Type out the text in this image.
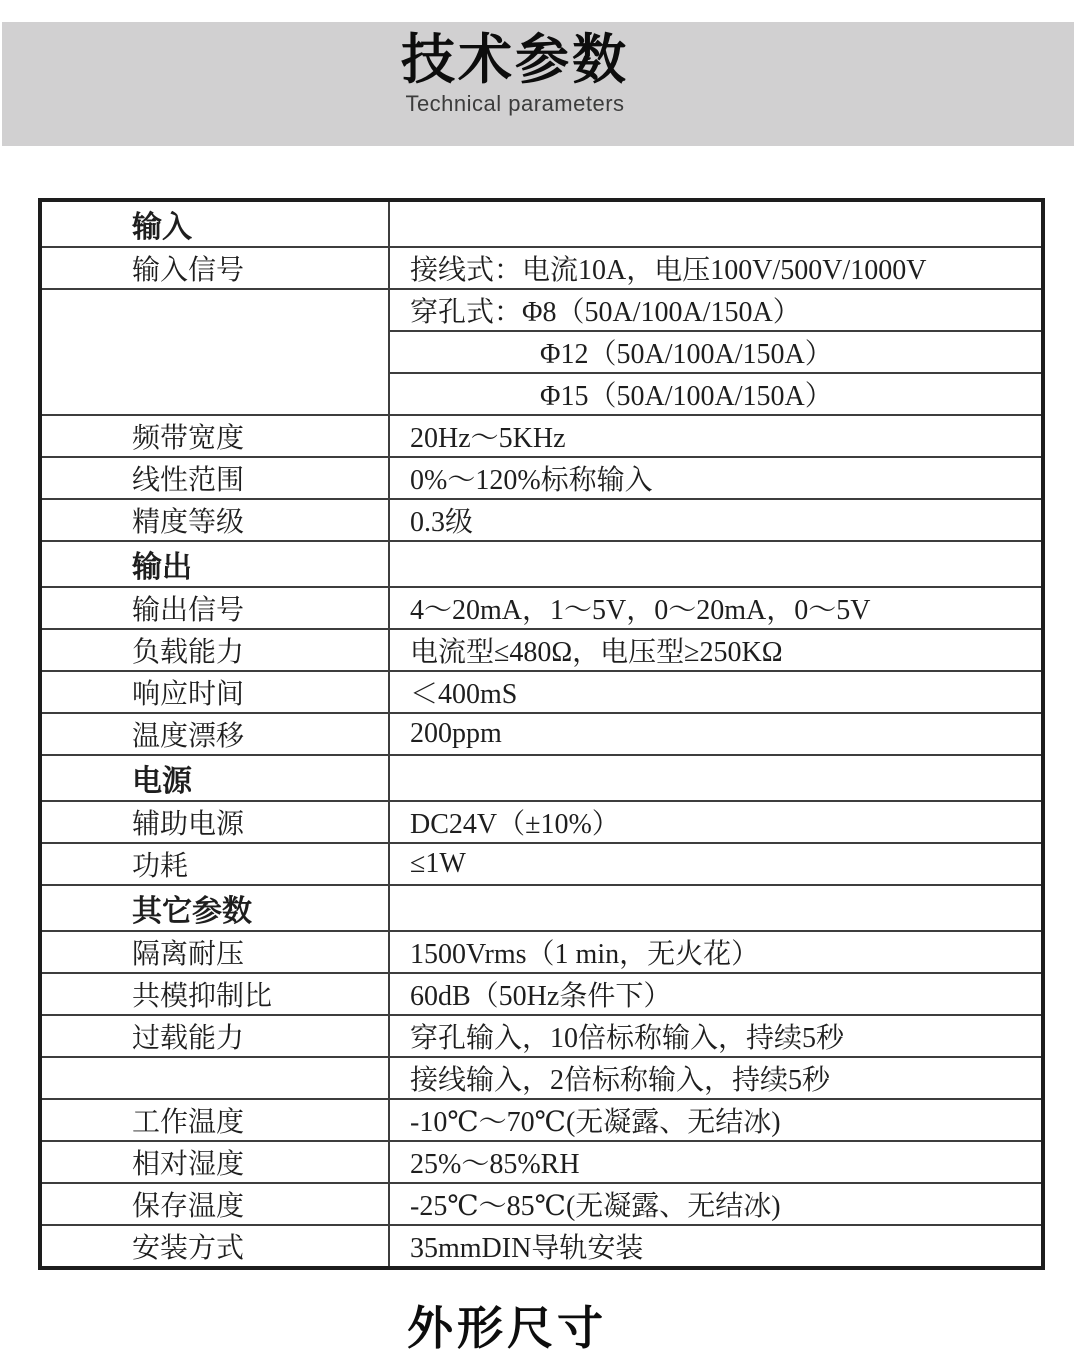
技术参数
Technical parameters
输入	
输入信号	接线式：电流10A，电压100V/500V/1000V
	穿孔式：Φ8（50A/100A/150A）
	Φ12（50A/100A/150A）
	Φ15（50A/100A/150A）
频带宽度	20Hz～5KHz
线性范围	0%～120%标称输入
精度等级	0.3级
输出	
输出信号	4～20mA，1～5V，0～20mA，0～5V
负载能力	电流型≤480Ω，电压型≥250KΩ
响应时间	＜400mS
温度漂移	200ppm
电源	
辅助电源	DC24V（±10%）
功耗	≤1W
其它参数	
隔离耐压	1500Vrms（1 min，无火花）
共模抑制比	60dB（50Hz条件下）
过载能力	穿孔输入，10倍标称输入，持续5秒
	接线输入，2倍标称输入，持续5秒
工作温度	-10℃～70℃(无凝露、无结冰)
相对湿度	25%～85%RH
保存温度	-25℃～85℃(无凝露、无结冰)
安装方式	35mmDIN导轨安装
外形尺寸
